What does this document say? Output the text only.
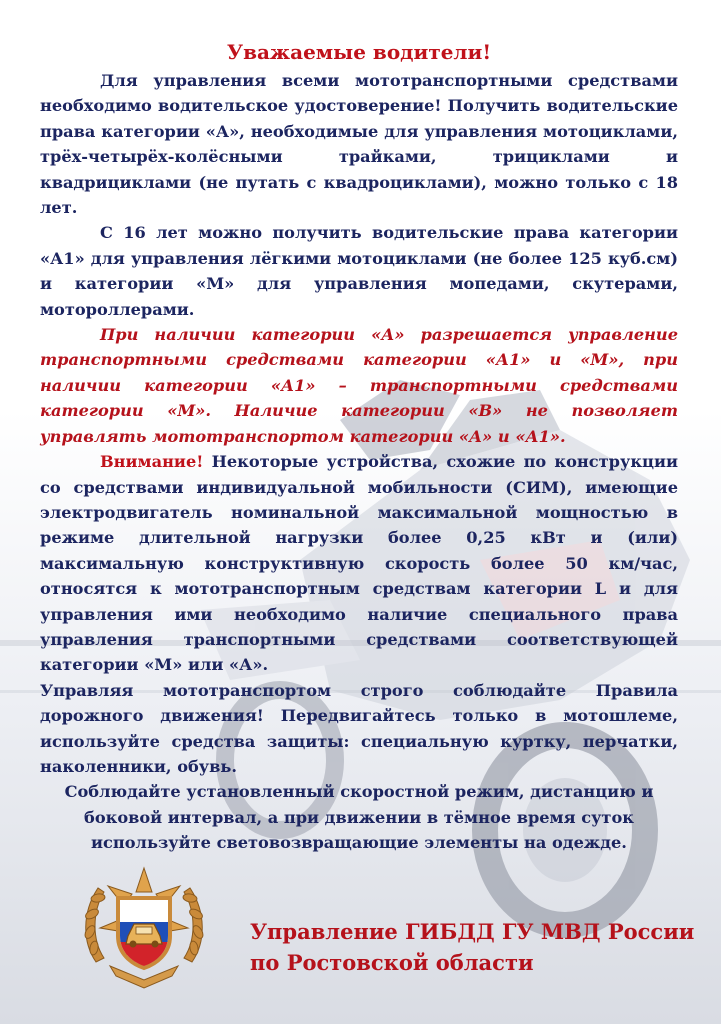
Уважаемые водители!

Для управления всеми мототранспортными средствами необходимо водительское удостоверение! Получить водительские права категории «А», необходимые для управления мотоциклами, трёх-четырёх-колёсными трайками, трициклами и квадрициклами (не путать с квадроциклами), можно только с 18 лет.

С 16 лет можно получить водительские права категории «А1» для управления лёгкими мотоциклами (не более 125 куб.см) и категории «М» для управления мопедами, скутерами, мотороллерами.

При наличии категории «А» разрешается управление транспортными средствами категории «А1» и «М», при наличии категории «А1» – транспортными средствами категории «М». Наличие категории «В» не позволяет управлять мототранспортом категории «А» и «А1».

Внимание! Некоторые устройства, схожие по конструкции со средствами индивидуальной мобильности (СИМ), имеющие электродвигатель номинальной максимальной мощностью в режиме длительной нагрузки более 0,25 кВт и (или) максимальную конструктивную скорость более 50 км/час, относятся к мототранспортным средствам категории L и для управления ими необходимо наличие специального права управления транспортными средствами соответствующей категории «М» или «А».

Управляя мототранспортом строго соблюдайте Правила дорожного движения! Передвигайтесь только в мотошлеме, используйте средства защиты: специальную куртку, перчатки, наколенники, обувь.

Соблюдайте установленный скоростной режим, дистанцию и

боковой интервал, а при движении в тёмное время суток

используйте световозвращающие элементы на одежде.

Управление ГИБДД ГУ МВД России
по Ростовской области
